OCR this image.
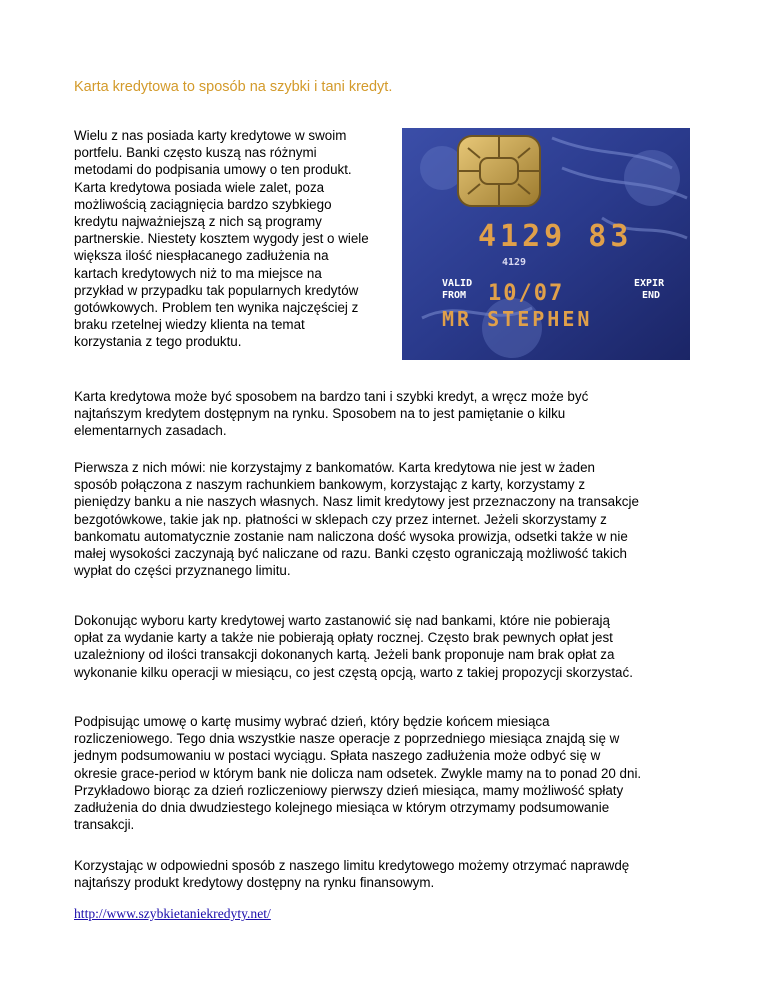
Karta kredytowa to sposób na szybki i tani kredyt.

Wielu z nas posiada karty kredytowe w swoim
portfelu. Banki często kuszą nas różnymi
metodami do podpisania umowy o ten produkt.
Karta kredytowa posiada wiele zalet, poza
możliwością zaciągnięcia bardzo szybkiego
kredytu najważniejszą z nich są programy
partnerskie. Niestety kosztem wygody jest o wiele
większa ilość niespłacanego zadłużenia na
kartach kredytowych niż to ma miejsce na
przykład w przypadku tak popularnych kredytów
gotówkowych. Problem ten wynika najczęściej z
braku rzetelnej wiedzy klienta na temat
korzystania z tego produktu.

4129 83
4129
VALID
FROM 10/07	EXPIR
END
MR STEPHEN

Karta kredytowa może być sposobem na bardzo tani i szybki kredyt, a wręcz może być
najtańszym kredytem dostępnym na rynku. Sposobem na to jest pamiętanie o kilku
elementarnych zasadach.

Pierwsza z nich mówi: nie korzystajmy z bankomatów. Karta kredytowa nie jest w żaden
sposób połączona z naszym rachunkiem bankowym, korzystając z karty, korzystamy z
pieniędzy banku a nie naszych własnych. Nasz limit kredytowy jest przeznaczony na transakcje
bezgotówkowe, takie jak np. płatności w sklepach czy przez internet. Jeżeli skorzystamy z
bankomatu automatycznie zostanie nam naliczona dość wysoka prowizja, odsetki także w nie
małej wysokości zaczynają być naliczane od razu. Banki często ograniczają możliwość takich
wypłat do części przyznanego limitu.

Dokonując wyboru karty kredytowej warto zastanowić się nad bankami, które nie pobierają
opłat za wydanie karty a także nie pobierają opłaty rocznej. Często brak pewnych opłat jest
uzależniony od ilości transakcji dokonanych kartą. Jeżeli bank proponuje nam brak opłat za
wykonanie kilku operacji w miesiącu, co jest częstą opcją, warto z takiej propozycji skorzystać.

Podpisując umowę o kartę musimy wybrać dzień, który będzie końcem miesiąca
rozliczeniowego. Tego dnia wszystkie nasze operacje z poprzedniego miesiąca znajdą się w
jednym podsumowaniu w postaci wyciągu. Spłata naszego zadłużenia może odbyć się w
okresie grace-period w którym bank nie dolicza nam odsetek. Zwykle mamy na to ponad 20 dni.
Przykładowo biorąc za dzień rozliczeniowy pierwszy dzień miesiąca, mamy możliwość spłaty
zadłużenia do dnia dwudziestego kolejnego miesiąca w którym otrzymamy podsumowanie
transakcji.

Korzystając w odpowiedni sposób z naszego limitu kredytowego możemy otrzymać naprawdę
najtańszy produkt kredytowy dostępny na rynku finansowym.

http://www.szybkietaniekredyty.net/
